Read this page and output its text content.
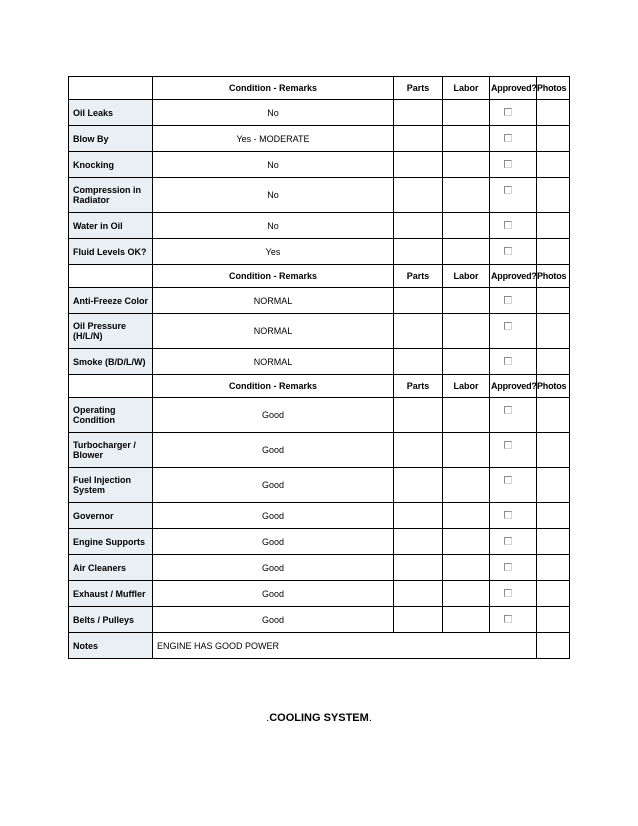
	Condition - Remarks	Parts	Labor	Approved?	Photos
Oil Leaks	No			

Blow By	Yes - MODERATE			

Knocking	No			

Compression in Radiator	No			

Water in Oil	No			

Fluid Levels OK?	Yes			

	Condition - Remarks	Parts	Labor	Approved?	Photos
Anti-Freeze Color	NORMAL			

Oil Pressure (H/L/N)	NORMAL			

Smoke (B/D/L/W)	NORMAL			

	Condition - Remarks	Parts	Labor	Approved?	Photos
Operating Condition	Good			

Turbocharger / Blower	Good			

Fuel Injection System	Good			

Governor	Good			

Engine Supports	Good			

Air Cleaners	Good			

Exhaust / Muffler	Good			

Belts / Pulleys	Good			

Notes	ENGINE HAS GOOD POWER				
.COOLING SYSTEM.
